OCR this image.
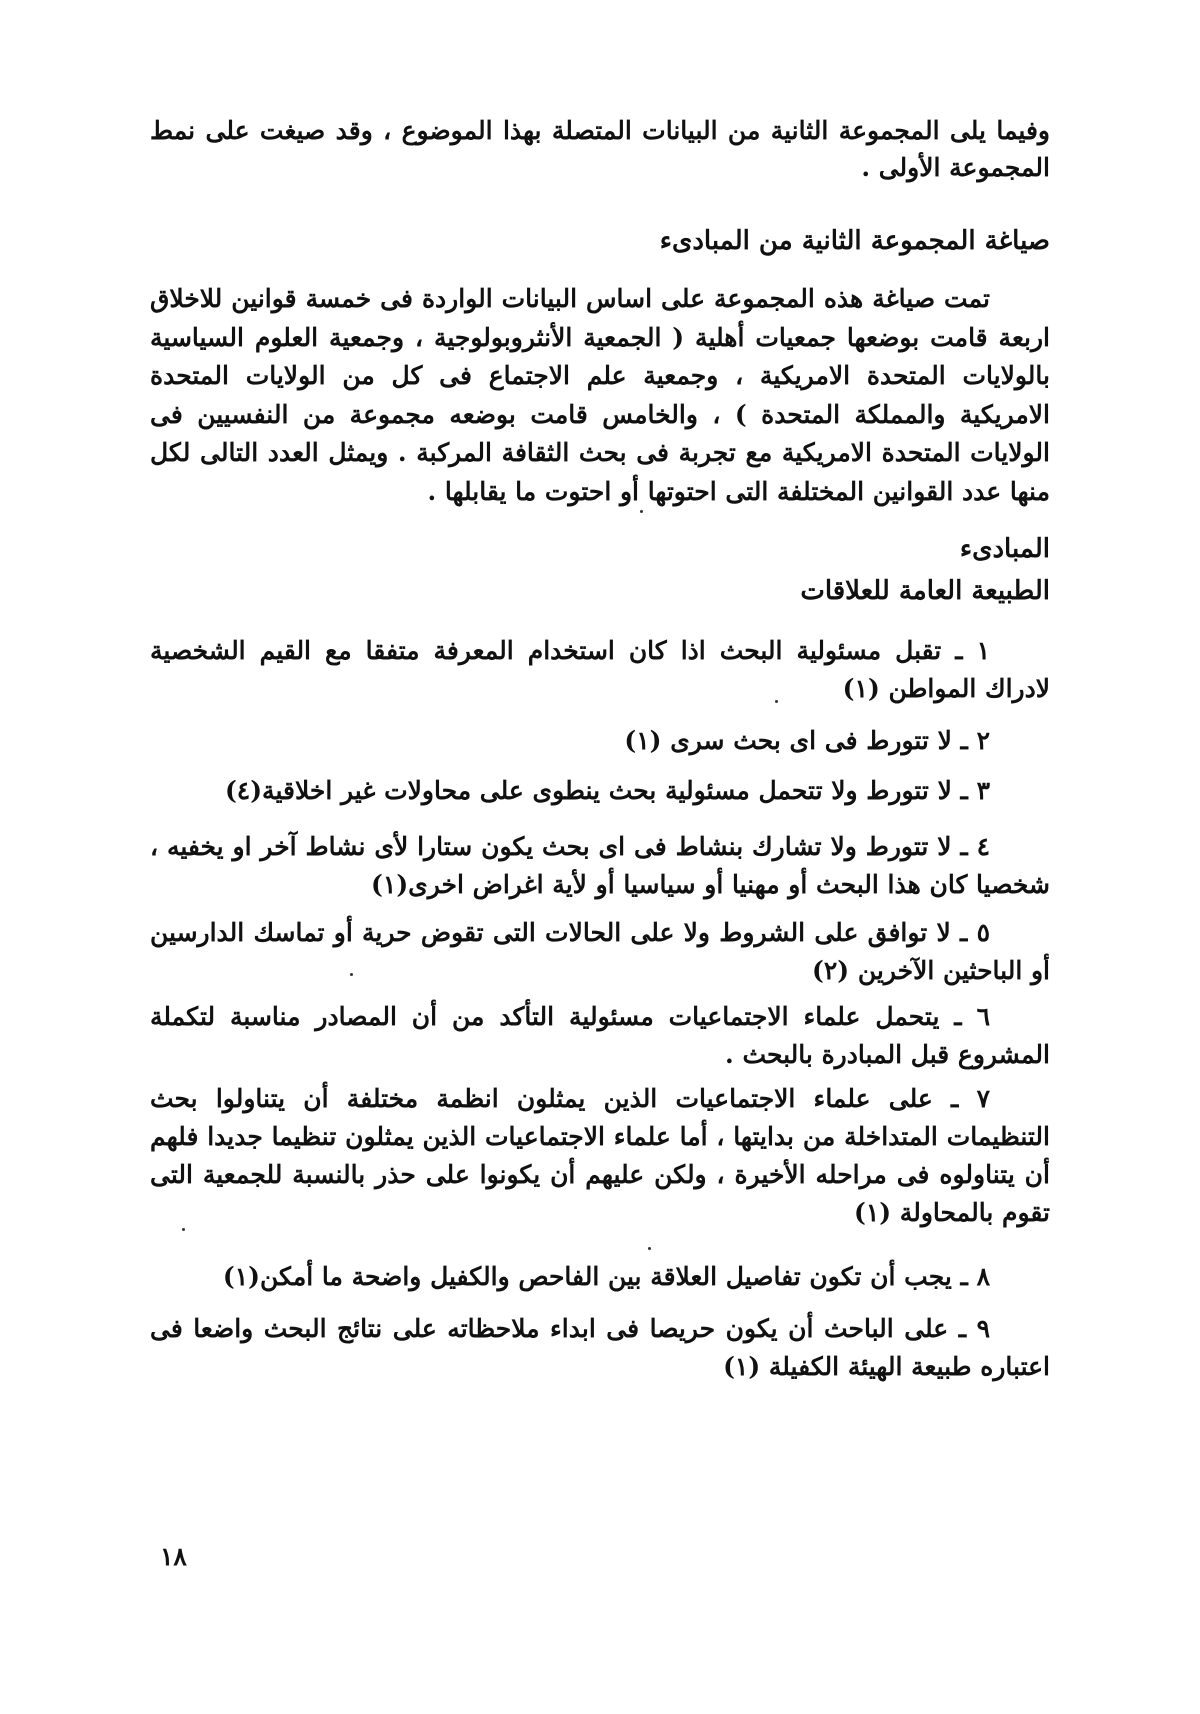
وفيما يلى المجموعة الثانية من البيانات المتصلة بهذا الموضوع ، وقد صيغت على نمط المجموعة الأولى .

صياغة المجموعة الثانية من المبادىء

تمت صياغة هذه المجموعة على اساس البيانات الواردة فى خمسة قوانين للاخلاق اربعة قامت بوضعها جمعيات أهلية ( الجمعية الأنثروبولوجية ، وجمعية العلوم السياسية بالولايات المتحدة الامريكية ، وجمعية علم الاجتماع فى كل من الولايات المتحدة الامريكية والمملكة المتحدة ) ، والخامس قامت بوضعه مجموعة من النفسيين فى الولايات المتحدة الامريكية مع تجربة فى بحث الثقافة المركبة . ويمثل العدد التالى لكل منها عدد القوانين المختلفة التى احتوتها أو احتوت ما يقابلها .

المبادىء
الطبيعة العامة للعلاقات

١ ـ تقبل مسئولية البحث اذا كان استخدام المعرفة متفقا مع القيم الشخصية لادراك المواطن (١)

٢ ـ لا تتورط فى اى بحث سرى (١)

٣ ـ لا تتورط ولا تتحمل مسئولية بحث ينطوى على محاولات غير اخلاقية(٤)

٤ ـ لا تتورط ولا تشارك بنشاط فى اى بحث يكون ستارا لأى نشاط آخر او يخفيه ، شخصيا كان هذا البحث أو مهنيا أو سياسيا أو لأية اغراض اخرى(١)

٥ ـ لا توافق على الشروط ولا على الحالات التى تقوض حرية أو تماسك الدارسين أو الباحثين الآخرين (٢)

٦ ـ يتحمل علماء الاجتماعيات مسئولية التأكد من أن المصادر مناسبة لتكملة المشروع قبل المبادرة بالبحث .

٧ ـ على علماء الاجتماعيات الذين يمثلون انظمة مختلفة أن يتناولوا بحث التنظيمات المتداخلة من بدايتها ، أما علماء الاجتماعيات الذين يمثلون تنظيما جديدا فلهم أن يتناولوه فى مراحله الأخيرة ، ولكن عليهم أن يكونوا على حذر بالنسبة للجمعية التى تقوم بالمحاولة (١)

٨ ـ يجب أن تكون تفاصيل العلاقة بين الفاحص والكفيل واضحة ما أمكن(١)

٩ ـ على الباحث أن يكون حريصا فى ابداء ملاحظاته على نتائج البحث واضعا فى اعتباره طبيعة الهيئة الكفيلة (١)

١٨
